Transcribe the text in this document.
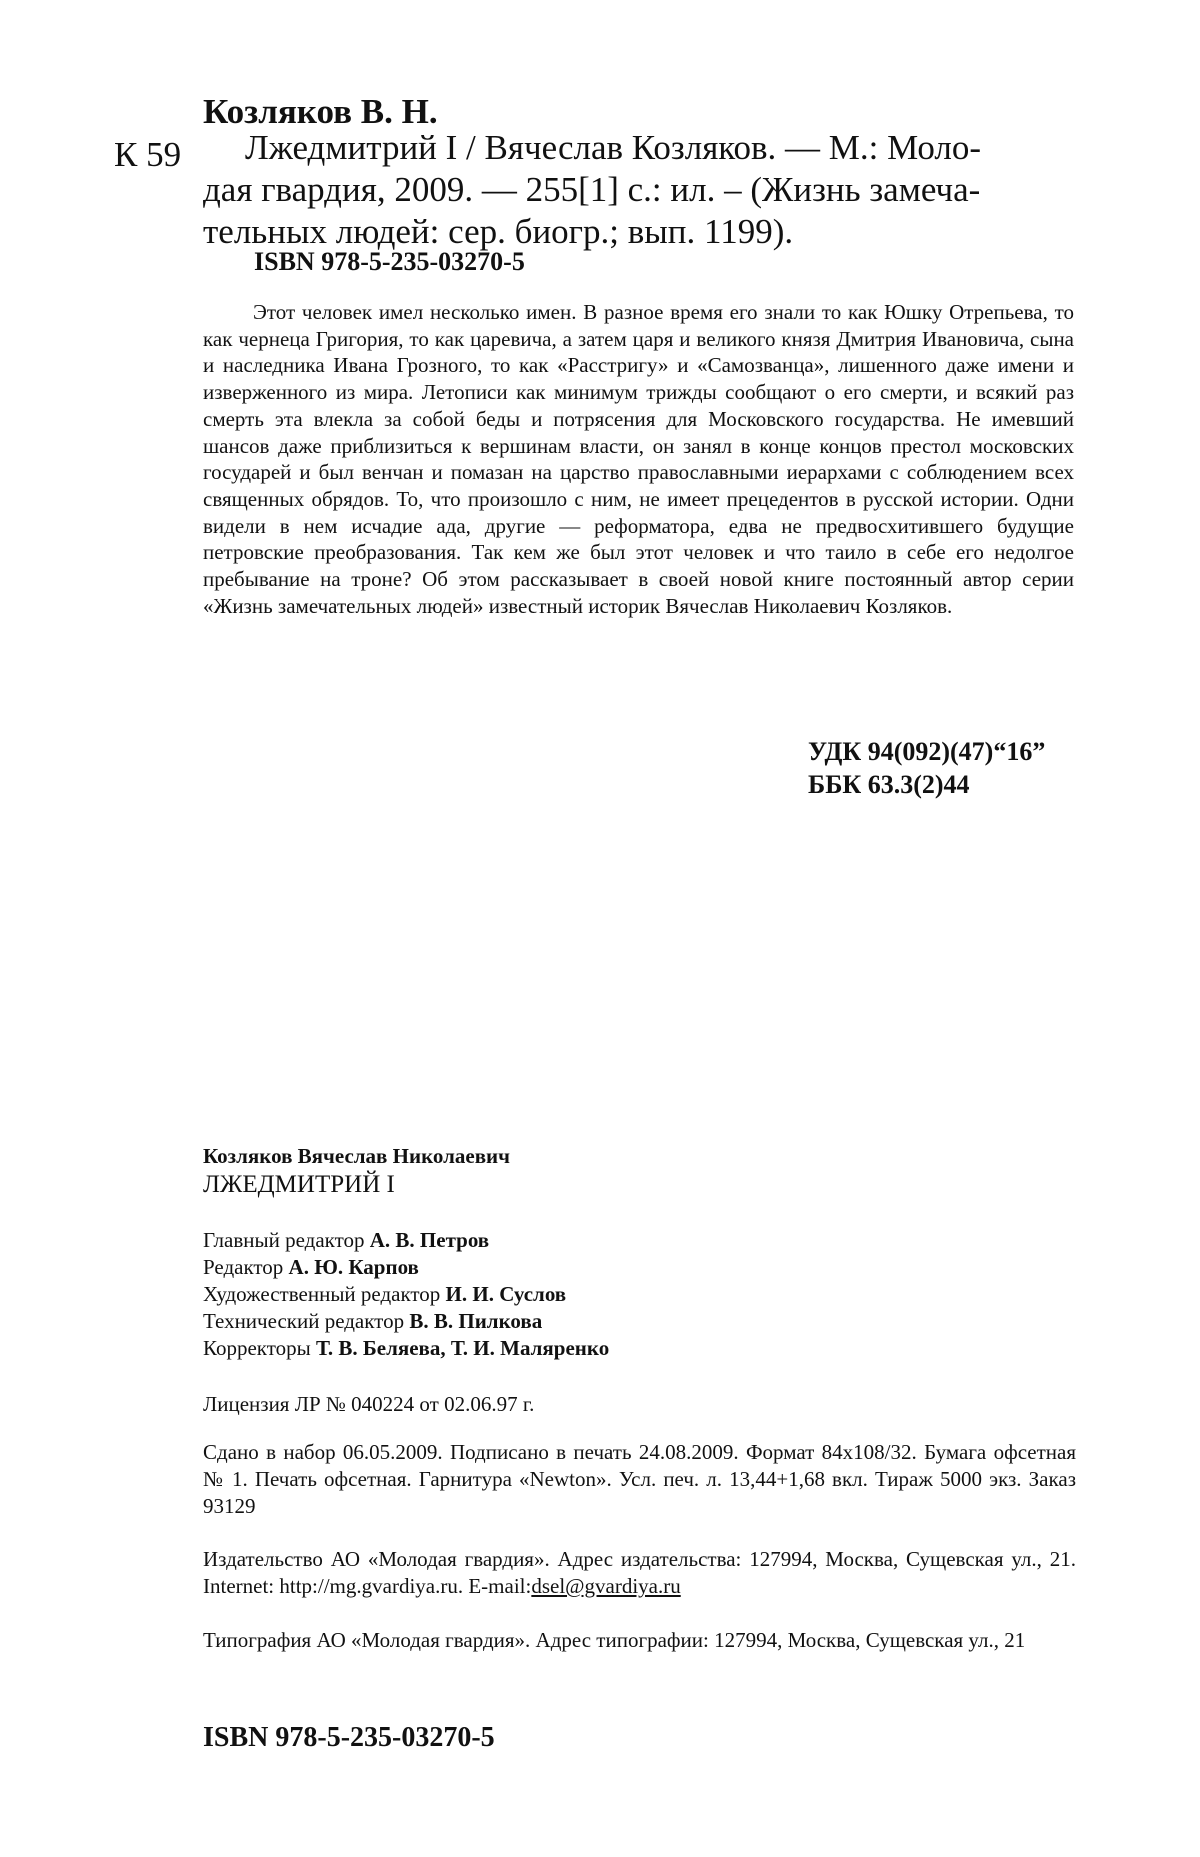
Козляков В. Н.
К 59 Лжедмитрий I / Вячеслав Козляков. — М.: Моло-
дая гвардия, 2009. — 255[1] с.: ил. – (Жизнь замеча-
тельных людей: сер. биогр.; вып. 1199).
ISBN 978-5-235-03270-5

Этот человек имел несколько имен. В разное время его знали то как Юшку Отрепьева, то как чернеца Григория, то как царевича, а затем царя и великого князя Дмитрия Ивановича, сына и наследника Ивана Грозного, то как «Расстригу» и «Самозванца», лишенного даже имени и изверженно­го из мира. Летописи как минимум трижды сообщают о его смерти, и вся­кий раз смерть эта влекла за собой беды и потрясения для Московского го­сударства. Не имевший шансов даже приблизиться к вершинам власти, он занял в конце концов престол московских государей и был венчан и пома­зан на царство православными иерархами с соблюдением всех священных обрядов. То, что произошло с ним, не имеет прецедентов в русской исто­рии. Одни видели в нем исчадие ада, другие — реформатора, едва не пред­восхитившего будущие петровские преобразования. Так кем же был этот человек и что таило в себе его недолгое пребывание на троне? Об этом рас­сказывает в своей новой книге постоянный автор серии «Жизнь замеча­тельных людей» известный историк Вячеслав Николаевич Козляков.

УДК 94(092)(47)“16”
ББК 63.3(2)44
Козляков Вячеслав Николаевич
ЛЖЕДМИТРИЙ I
Главный редактор А. В. Петров
Редактор А. Ю. Карпов
Художественный редактор И. И. Суслов
Технический редактор В. В. Пилкова
Корректоры Т. В. Беляева, Т. И. Маляренко
Лицензия ЛР № 040224 от 02.06.97 г.
Сдано в набор 06.05.2009. Подписано в печать 24.08.2009. Формат 84x108/32. Бумага офсетная № 1. Печать офсетная. Гарнитура «Newton». Усл. печ. л. 13,44+1,68 вкл. Тираж 5000 экз. Заказ 93129
Издательство АО «Молодая гвардия». Адрес издательства: 127994, Москва, Сущевская ул., 21. Internet: http://mg.gvardiya.ru. E-mail:dsel@gvardiya.ru
Типография АО «Молодая гвардия». Адрес типографии: 127994, Москва, Сущевская ул., 21
ISBN 978-5-235-03270-5
